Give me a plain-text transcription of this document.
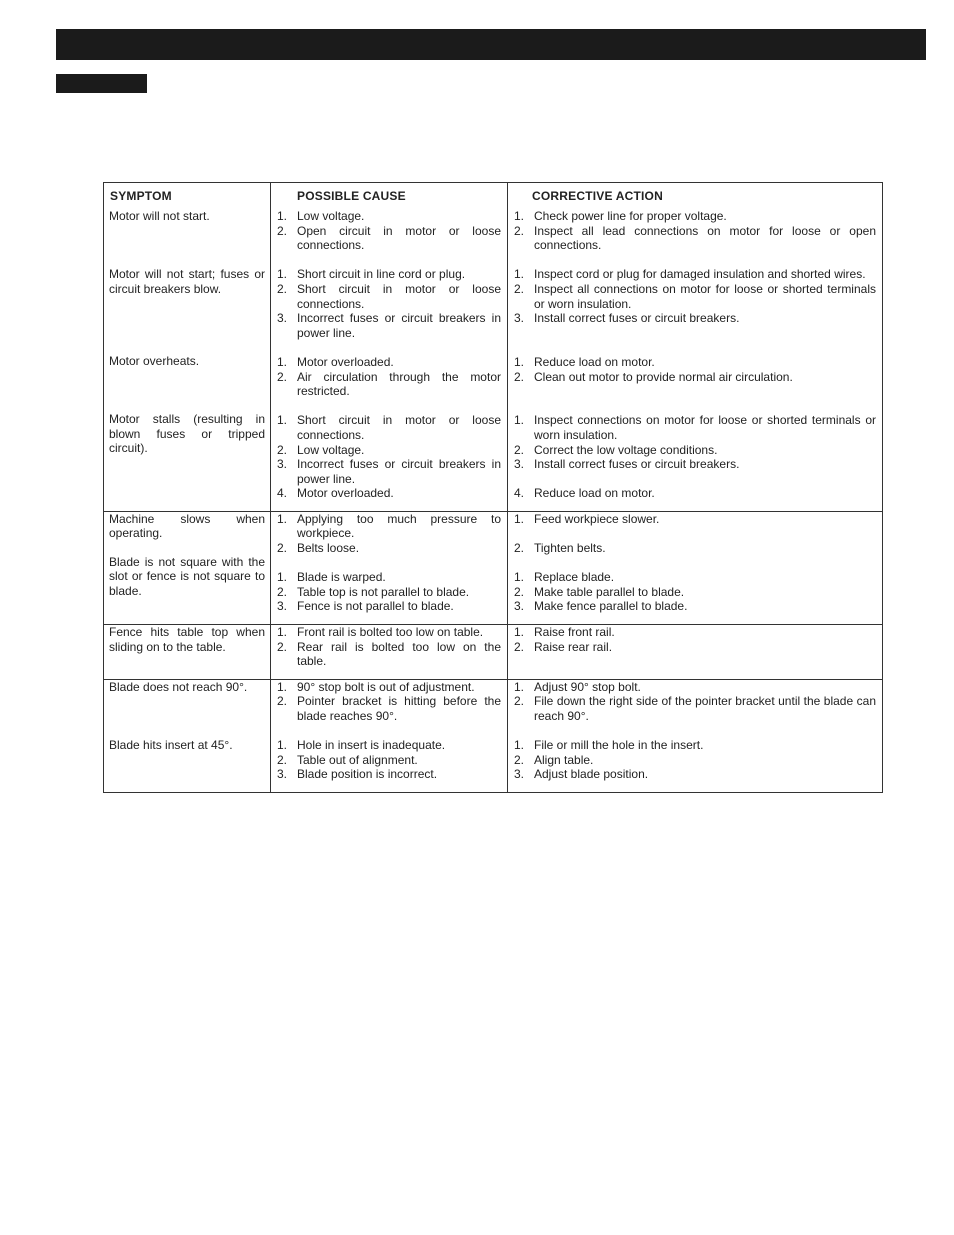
SYMPTOM	POSSIBLE CAUSE	CORRECTIVE ACTION
Motor will not start.
Motor will not start; fuses or circuit breakers blow.
Motor overheats.
Motor stalls (resulting in blown fuses or tripped circuit).
1. Low voltage.
2. Open circuit in motor or loose connections.
1. Short circuit in line cord or plug.
2. Short circuit in motor or loose connections.
3. Incorrect fuses or circuit breakers in power line.
1. Motor overloaded.
2. Air circulation through the motor restricted.
1. Short circuit in motor or loose connections.
2. Low voltage.
3. Incorrect fuses or circuit breakers in power line.
4. Motor overloaded.
1. Check power line for proper voltage.
2. Inspect all lead connections on motor for loose or open connections.
1. Inspect cord or plug for damaged insulation and shorted wires.
2. Inspect all connections on motor for loose or shorted terminals or worn insulation.
3. Install correct fuses or circuit breakers.
1. Reduce load on motor.
2. Clean out motor to provide normal air circulation.
1. Inspect connections on motor for loose or shorted terminals or worn insulation.
2. Correct the low voltage conditions.
3. Install correct fuses or circuit breakers.
4. Reduce load on motor.
Machine slows when operating.
Blade is not square with the slot or fence is not square to blade.
1. Applying too much pressure to workpiece.
2. Belts loose.
1. Blade is warped.
2. Table top is not parallel to blade.
3. Fence is not parallel to blade.
1. Feed workpiece slower.
2. Tighten belts.
1. Replace blade.
2. Make table parallel to blade.
3. Make fence parallel to blade.
Fence hits table top when sliding on to the table.
1. Front rail is bolted too low on table.
2. Rear rail is bolted too low on the table.
1. Raise front rail.
2. Raise rear rail.
Blade does not reach 90°.
Blade hits insert at 45°.
1. 90° stop bolt is out of adjustment.
2. Pointer bracket is hitting before the blade reaches 90°.
1. Hole in insert is inadequate.
2. Table out of alignment.
3. Blade position is incorrect.
1. Adjust 90° stop bolt.
2. File down the right side of the pointer bracket until the blade can reach 90°.
1. File or mill the hole in the insert.
2. Align table.
3. Adjust blade position.
